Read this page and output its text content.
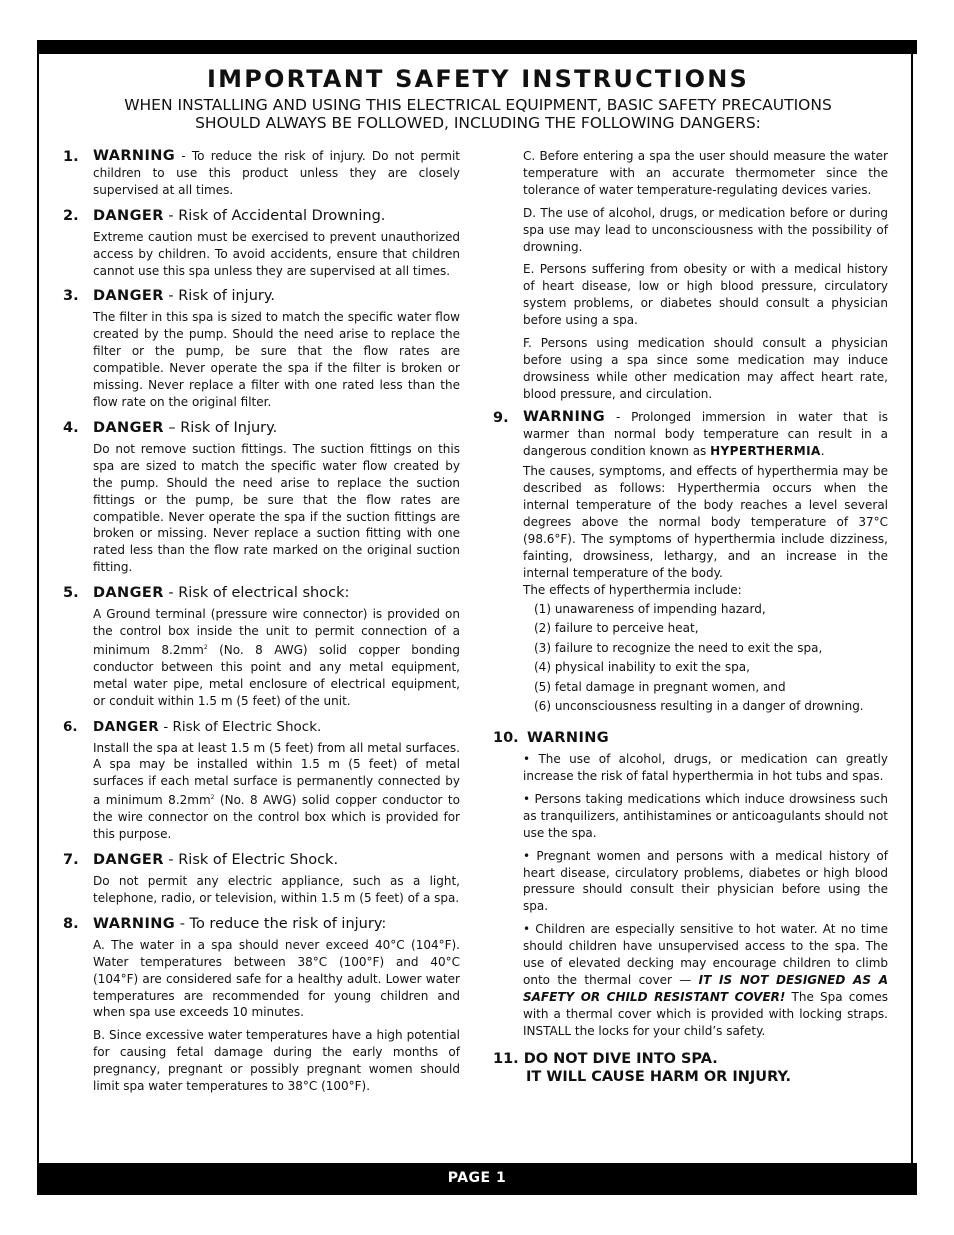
IMPORTANT SAFETY INSTRUCTIONS
WHEN INSTALLING AND USING THIS ELECTRICAL EQUIPMENT, BASIC SAFETY PRECAUTIONS
SHOULD ALWAYS BE FOLLOWED, INCLUDING THE FOLLOWING DANGERS:
1. WARNING - To reduce the risk of injury. Do not permit children to use this product unless they are closely supervised at all times.
2. DANGER - Risk of Accidental Drowning.
Extreme caution must be exercised to prevent unauthorized access by children. To avoid accidents, ensure that children cannot use this spa unless they are supervised at all times.
3. DANGER - Risk of injury.
The filter in this spa is sized to match the specific water flow created by the pump. Should the need arise to replace the filter or the pump, be sure that the flow rates are compatible. Never operate the spa if the filter is broken or missing. Never replace a filter with one rated less than the flow rate on the original filter.
4. DANGER – Risk of Injury.
Do not remove suction fittings. The suction fittings on this spa are sized to match the specific water flow created by the pump. Should the need arise to replace the suction fittings or the pump, be sure that the flow rates are compatible. Never operate the spa if the suction fittings are broken or missing. Never replace a suction fitting with one rated less than the flow rate marked on the original suction fitting.
5. DANGER - Risk of electrical shock:
A Ground terminal (pressure wire connector) is provided on the control box inside the unit to permit connection of a minimum $8.2mm^2$ (No. 8 AWG) solid copper bonding conductor between this point and any metal equipment, metal water pipe, metal enclosure of electrical equipment, or conduit within 1.5 m (5 feet) of the unit.
6.	DANGER - Risk of Electric Shock.
Install the spa at least 1.5 m (5 feet) from all metal surfaces. A spa may be installed within 1.5 m (5 feet) of metal surfaces if each metal surface is permanently connected by a minimum $8.2mm^2$ (No. 8 AWG) solid copper conductor to the wire connector on the control box which is provided for this purpose.
7. DANGER - Risk of Electric Shock.
Do not permit any electric appliance, such as a light, telephone, radio, or television, within 1.5 m (5 feet) of a spa.
8. WARNING - To reduce the risk of injury:

A. The water in a spa should never exceed 40°C (104°F). Water temperatures between 38°C (100°F) and 40°C (104°F) are considered safe for a healthy adult. Lower water temperatures are recommended for young children and when spa use exceeds 10 minutes.

B. Since excessive water temperatures have a high potential for causing fetal damage during the early months of pregnancy, pregnant or possibly pregnant women should limit spa water temperatures to 38°C (100°F).

C. Before entering a spa the user should measure the water temperature with an accurate thermometer since the tolerance of water temperature-regulating devices varies.

D. The use of alcohol, drugs, or medication before or during spa use may lead to unconsciousness with the possibility of drowning.

E. Persons suffering from obesity or with a medical history of heart disease, low or high blood pressure, circulatory system problems, or diabetes should consult a physician before using a spa.

F. Persons using medication should consult a physician before using a spa since some medication may induce drowsiness while other medication may affect heart rate, blood pressure, and circulation.

9. WARNING - Prolonged immersion in water that is warmer than normal body temperature can result in a dangerous condition known as HYPERTHERMIA.
The causes, symptoms, and effects of hyperthermia may be described as follows: Hyperthermia occurs when the internal temperature of the body reaches a level several degrees above the normal body temperature of 37°C (98.6°F). The symptoms of hyperthermia include dizziness, fainting, drowsiness, lethargy, and an increase in the internal temperature of the body.
The effects of hyperthermia include:
(1) unawareness of impending hazard,
(2) failure to perceive heat,
(3) failure to recognize the need to exit the spa,
(4) physical inability to exit the spa,
(5) fetal damage in pregnant women, and
(6) unconsciousness resulting in a danger of drowning.
10. WARNING

• The use of alcohol, drugs, or medication can greatly increase the risk of fatal hyperthermia in hot tubs and spas.

• Persons taking medications which induce drowsiness such as tranquilizers, antihistamines or anticoagulants should not use the spa.

• Pregnant women and persons with a medical history of heart disease, circulatory problems, diabetes or high blood pressure should consult their physician before using the spa.

• Children are especially sensitive to hot water. At no time should children have unsupervised access to the spa. The use of elevated decking may encourage children to climb onto the thermal cover — IT IS NOT DESIGNED AS A SAFETY OR CHILD RESISTANT COVER! The Spa comes with a thermal cover which is provided with locking straps. INSTALL the locks for your child’s safety.

11. DO NOT DIVE INTO SPA.
IT WILL CAUSE HARM OR INJURY.
PAGE 1
